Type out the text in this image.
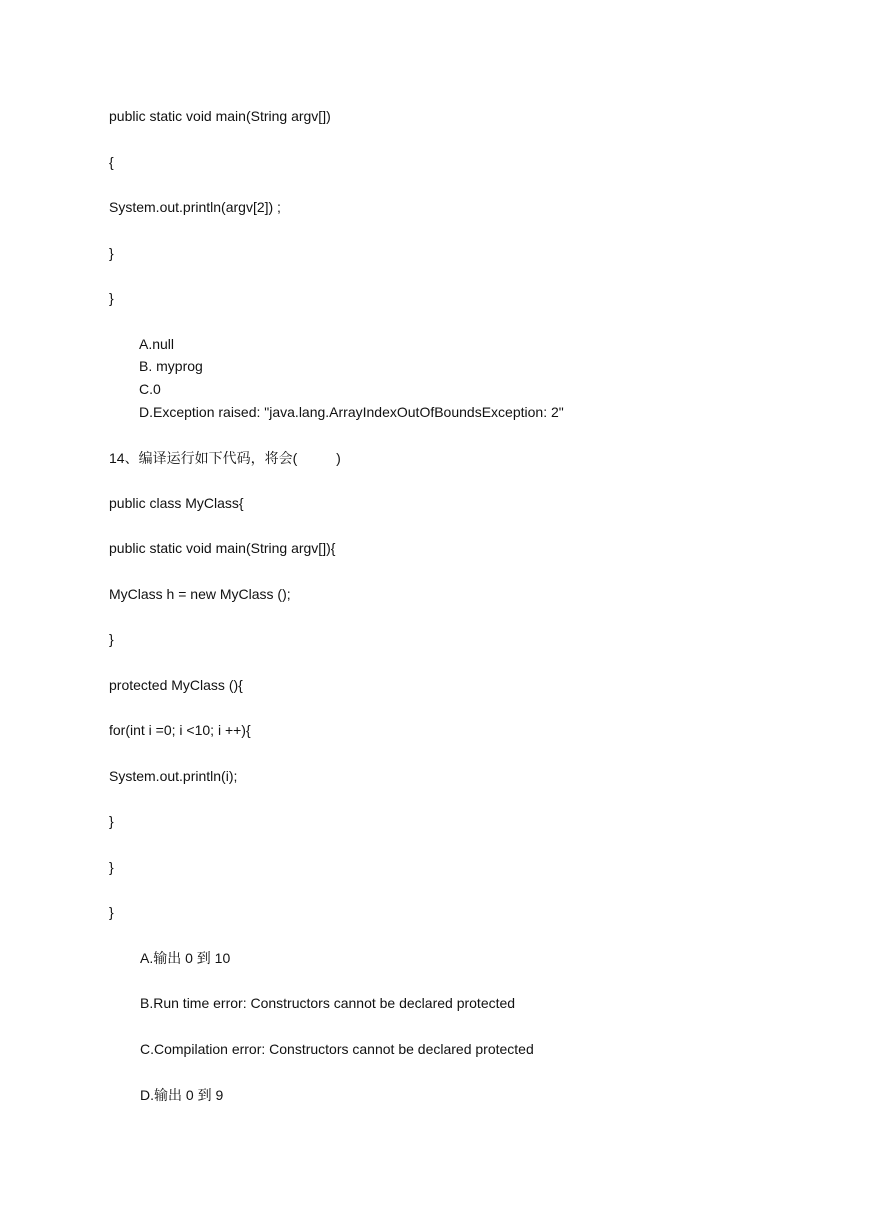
public static void main(String argv[])
{
System.out.println(argv[2]) ;
}
}
A.null
B. myprog
C.0
D.Exception raised: "java.lang.ArrayIndexOutOfBoundsException: 2"
14、编译运行如下代码，将会(          )
public class MyClass{
public static void main(String argv[]){
MyClass h = new MyClass ();
}
protected MyClass (){
for(int i =0; i <10; i ++){
System.out.println(i);
}
}
}
A.输出 0 到 10
B.Run time error: Constructors cannot be declared protected
C.Compilation error: Constructors cannot be declared protected
D.输出 0 到 9
